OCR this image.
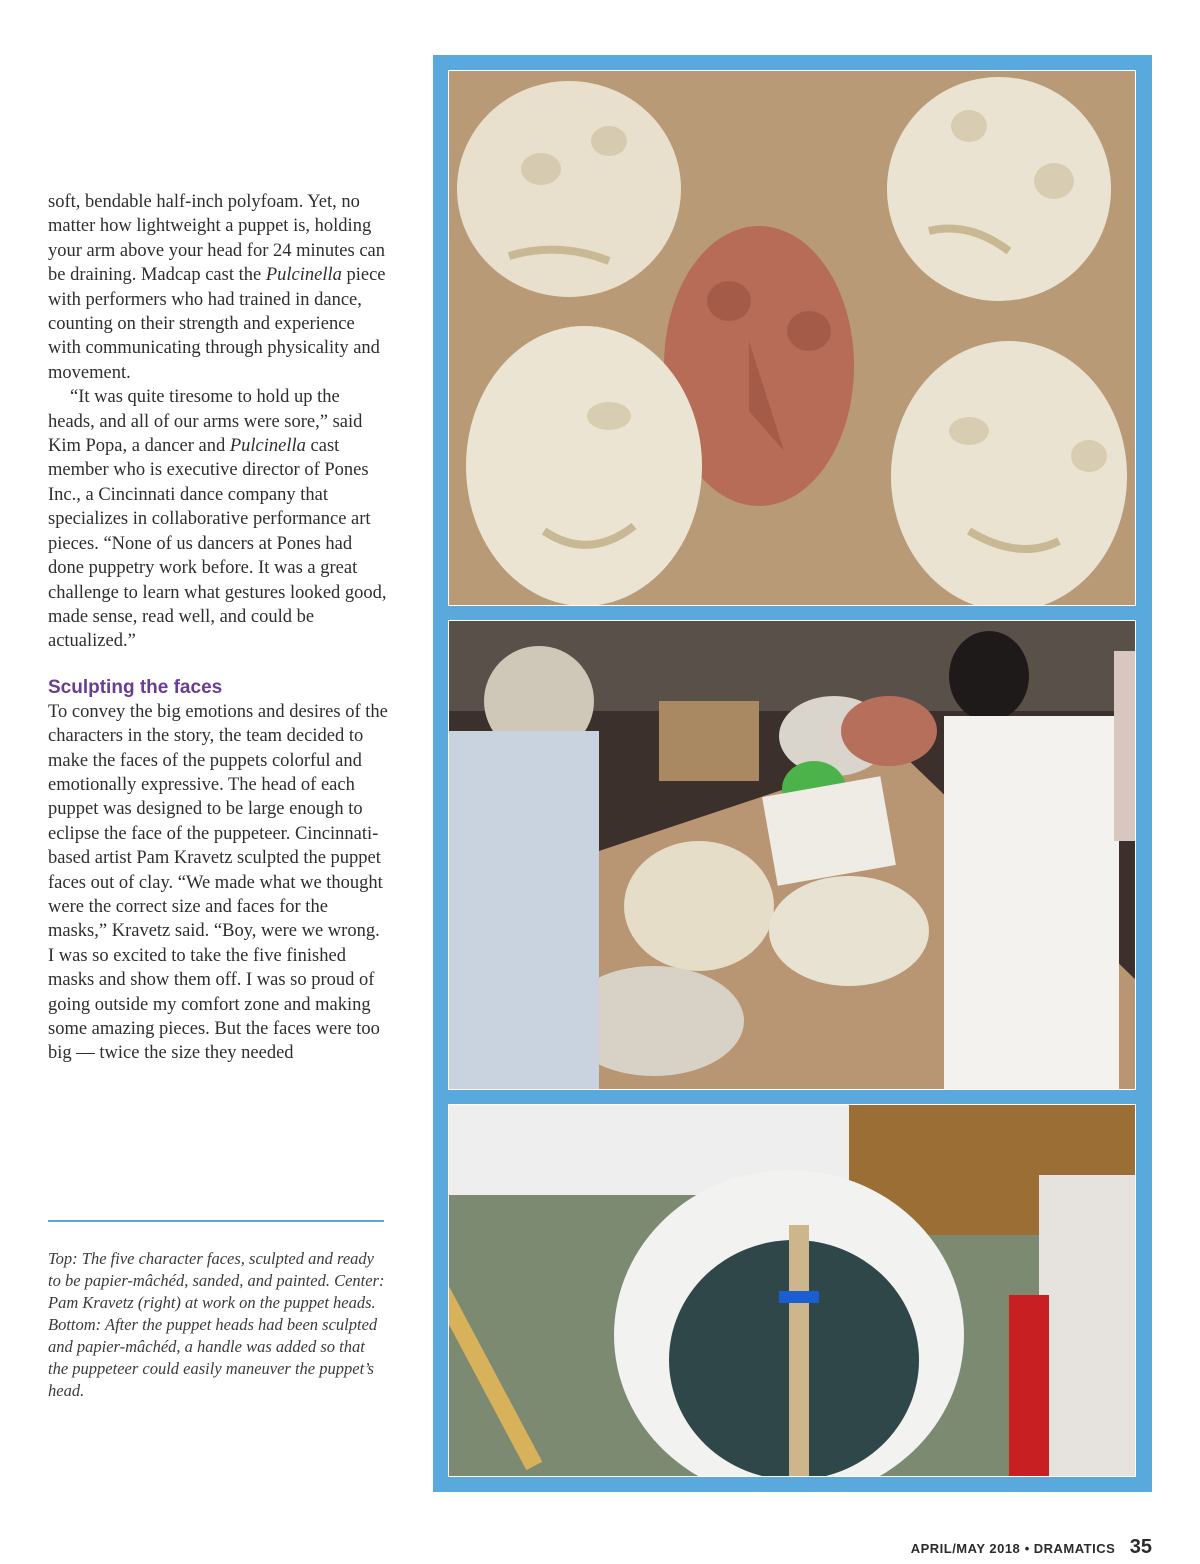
soft, bendable half-inch polyfoam. Yet, no matter how lightweight a puppet is, holding your arm above your head for 24 minutes can be draining. Madcap cast the Pulcinella piece with performers who had trained in dance, counting on their strength and experience with communicating through physicality and movement.

“It was quite tiresome to hold up the heads, and all of our arms were sore,” said Kim Popa, a dancer and Pulcinella cast member who is executive director of Pones Inc., a Cincinnati dance company that specializes in collaborative performance art pieces. “None of us dancers at Pones had done puppetry work before. It was a great challenge to learn what gestures looked good, made sense, read well, and could be actualized.”

Sculpting the faces

To convey the big emotions and desires of the characters in the story, the team decided to make the faces of the puppets colorful and emotionally expressive. The head of each puppet was designed to be large enough to eclipse the face of the puppeteer. Cincinnati-based artist Pam Kravetz sculpted the puppet faces out of clay. “We made what we thought were the correct size and faces for the masks,” Kravetz said. “Boy, were we wrong. I was so excited to take the five finished masks and show them off. I was so proud of going outside my comfort zone and making some amazing pieces. But the faces were too big — twice the size they needed

Top: The five character faces, sculpted and ready to be papier-mâchéd, sanded, and painted. Center: Pam Kravetz (right) at work on the puppet heads. Bottom: After the puppet heads had been sculpted and papier-mâchéd, a handle was added so that the puppeteer could easily maneuver the puppet’s head.

APRIL/MAY 2018 • DRAMATICS 35
